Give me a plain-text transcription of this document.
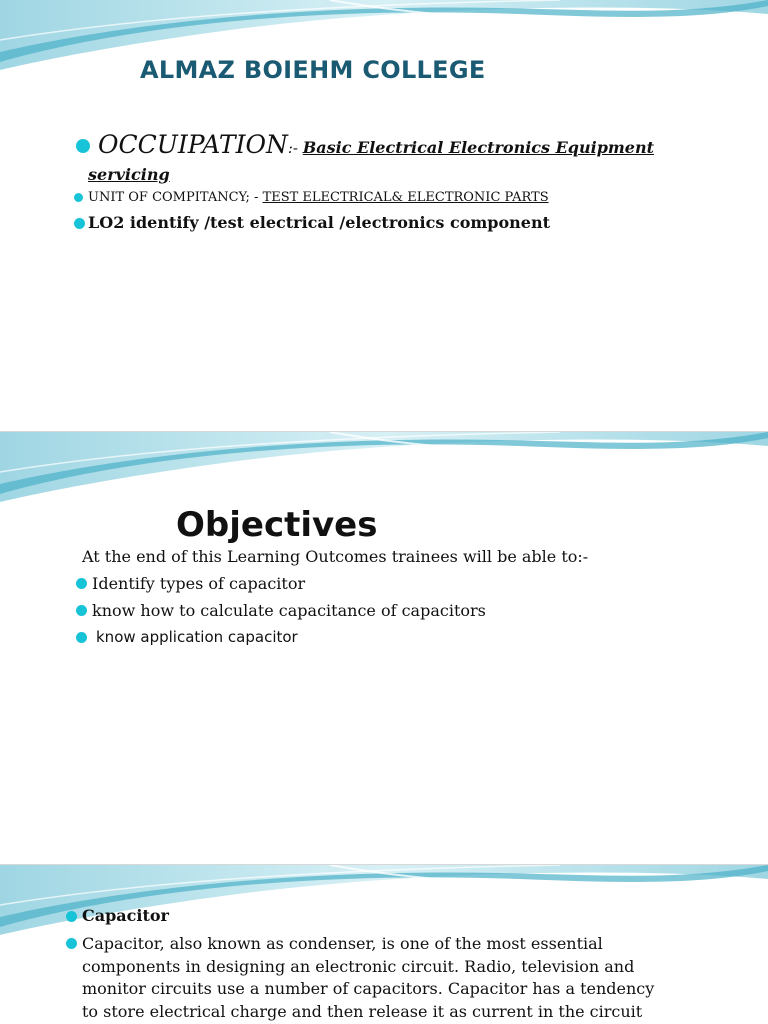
ALMAZ BOIEHM COLLEGE
OCCUIPATION:- Basic Electrical Electronics Equipment
servicing
UNIT OF COMPITANCY; - TEST ELECTRICAL& ELECTRONIC PARTS
LO2 identify /test electrical /electronics component
Objectives
At the end of this Learning Outcomes trainees will be able to:-
Identify types of capacitor
know how to calculate capacitance of capacitors
know application capacitor
Capacitor
Capacitor, also known as condenser, is one of the most essential
components in designing an electronic circuit. Radio, television and
monitor circuits use a number of capacitors. Capacitor has a tendency
to store electrical charge and then release it as current in the circuit
